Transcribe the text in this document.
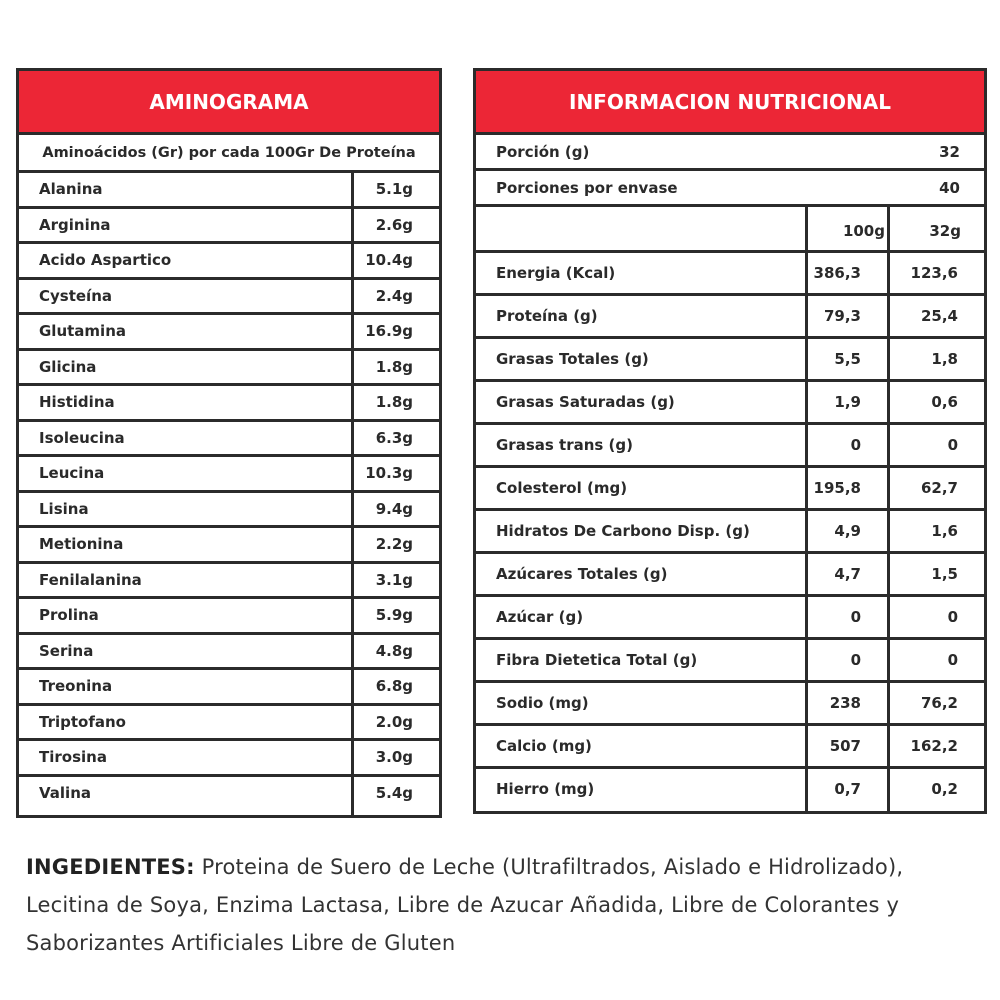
AMINOGRAMA
Aminoácidos (Gr) por cada 100Gr De Proteína
Alanina	5.1g
Arginina	2.6g
Acido Aspartico	10.4g
Cysteína	2.4g
Glutamina	16.9g
Glicina	1.8g
Histidina	1.8g
Isoleucina	6.3g
Leucina	10.3g
Lisina	9.4g
Metionina	2.2g
Fenilalanina	3.1g
Prolina	5.9g
Serina	4.8g
Treonina	6.8g
Triptofano	2.0g
Tirosina	3.0g
Valina	5.4g
INFORMACION NUTRICIONAL
Porción (g)	32
Porciones por envase	40
100g	32g
Energia (Kcal)	386,3	123,6
Proteína (g)	79,3	25,4
Grasas Totales (g)	5,5	1,8
Grasas Saturadas (g)	1,9	0,6
Grasas trans (g)	0	0
Colesterol (mg)	195,8	62,7
Hidratos De Carbono Disp. (g)	4,9	1,6
Azúcares Totales (g)	4,7	1,5
Azúcar (g)	0	0
Fibra Dietetica Total (g)	0	0
Sodio (mg)	238	76,2
Calcio (mg)	507	162,2
Hierro (mg)	0,7	0,2
INGEDIENTES: Proteina de Suero de Leche (Ultrafiltrados, Aislado e Hidrolizado), Lecitina de Soya, Enzima Lactasa, Libre de Azucar Añadida, Libre de Colorantes y Saborizantes Artificiales Libre de Gluten
